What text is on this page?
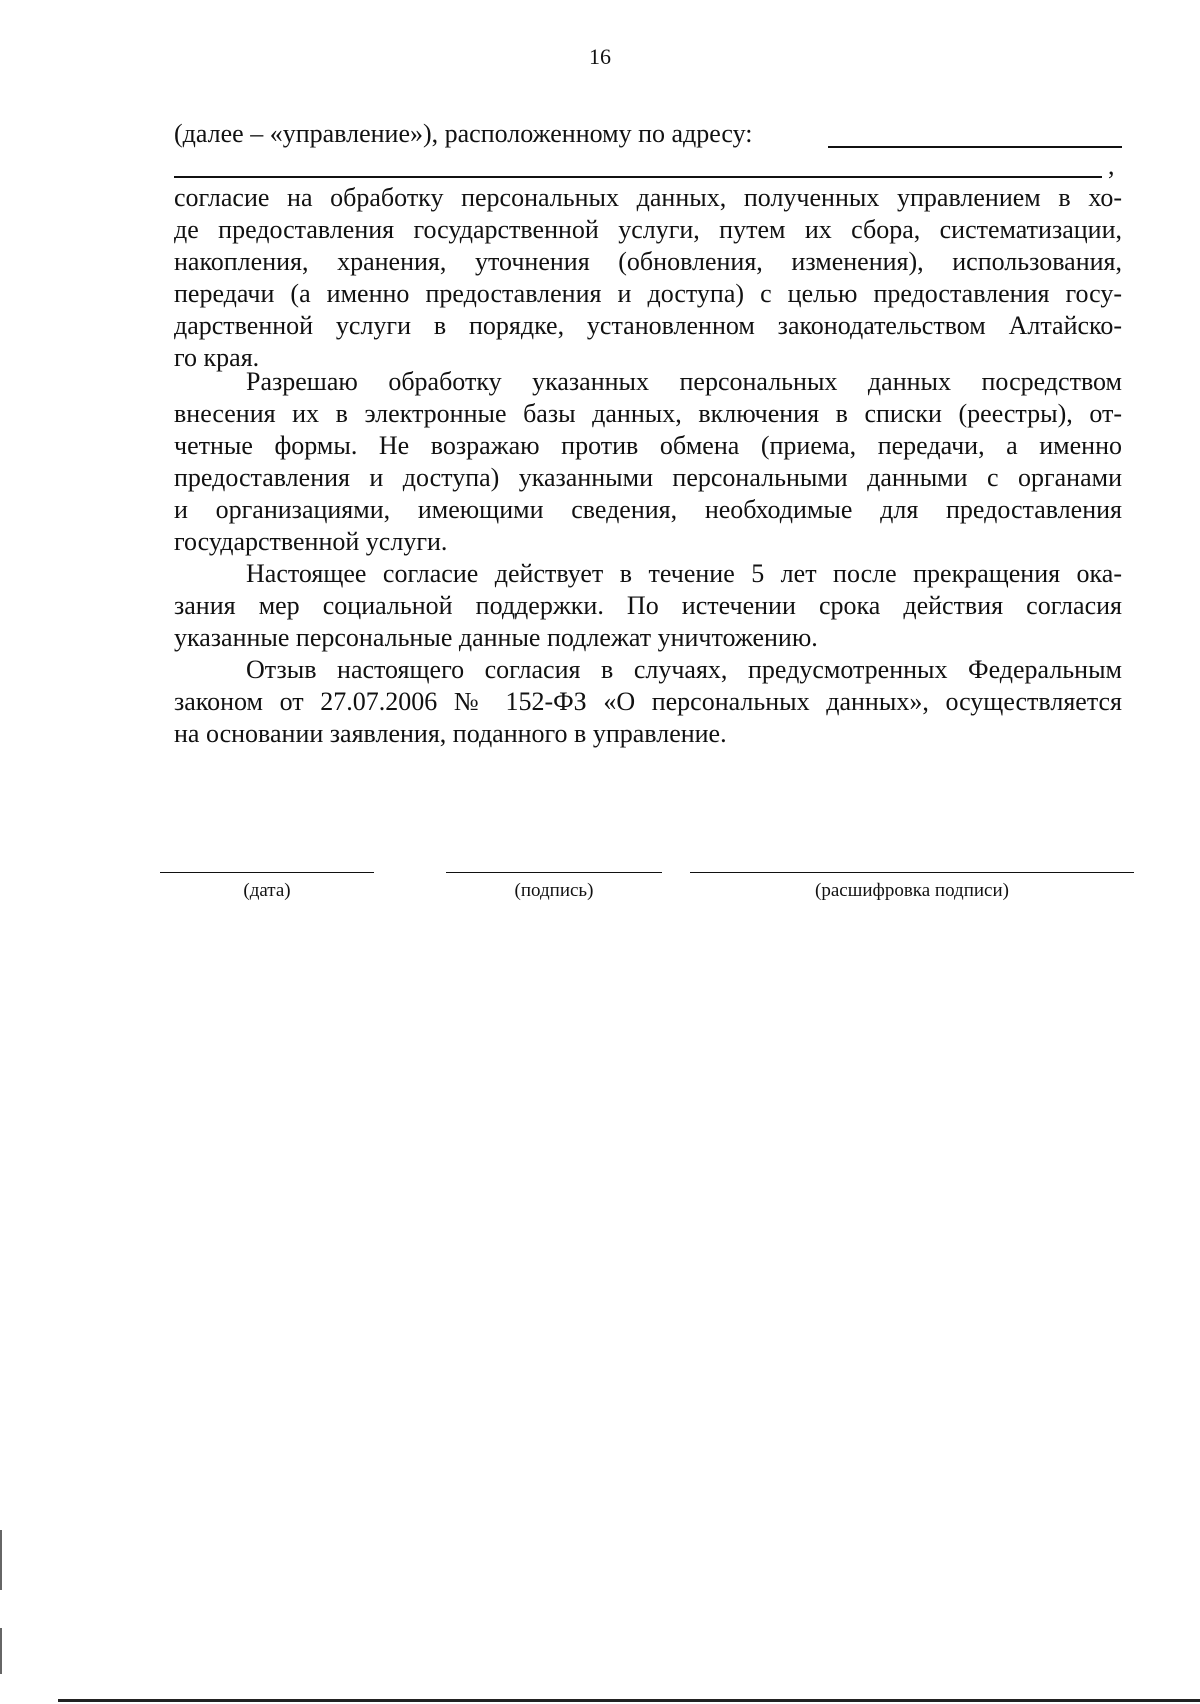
16
(далее – «управление»), расположенному по адресу:
,
согласие на обработку персональных данных, полученных управлением в хо-
де предоставления государственной услуги, путем их сбора, систематизации,
накопления, хранения, уточнения (обновления, изменения), использования,
передачи (а именно предоставления и доступа) с целью предоставления госу-
дарственной услуги в порядке, установленном законодательством Алтайско-
го края.
Разрешаю обработку указанных персональных данных посредством
внесения их в электронные базы данных, включения в списки (реестры), от-
четные формы. Не возражаю против обмена (приема, передачи, а именно
предоставления и доступа) указанными персональными данными с органами
и организациями, имеющими сведения, необходимые для предоставления
государственной услуги.
Настоящее согласие действует в течение 5 лет после прекращения ока-
зания мер социальной поддержки. По истечении срока действия согласия
указанные персональные данные подлежат уничтожению.
Отзыв настоящего согласия в случаях, предусмотренных Федеральным
законом от 27.07.2006 № 152-ФЗ «О персональных данных», осуществляется
на основании заявления, поданного в управление.
(дата)	(подпись)	(расшифровка подписи)
